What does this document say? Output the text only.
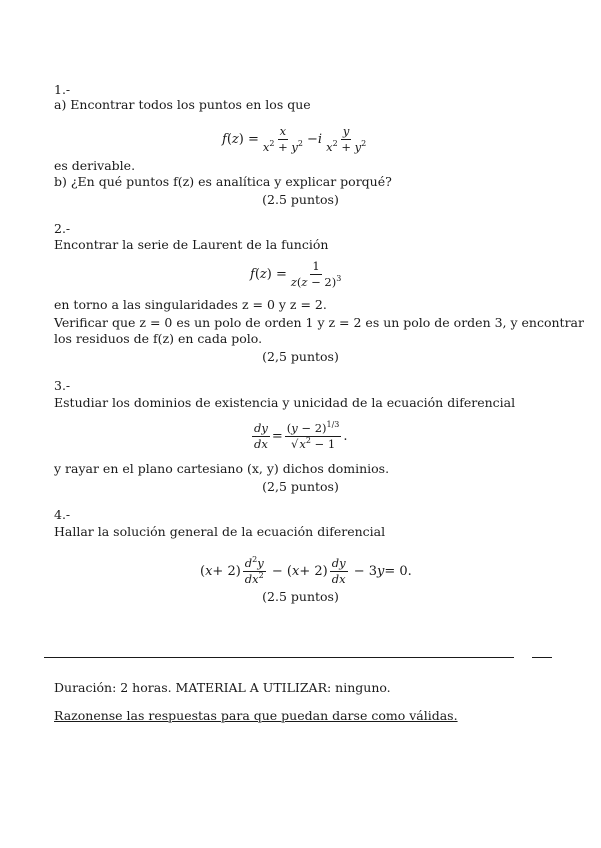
1.-
a) Encontrar todos los puntos en los que
f ( z ) = $\frac{x}{x^2 + y^2} - i \frac{y}{x^2 + y^2}$
es derivable.
b) ¿En qué puntos f(z) es analítica y explicar porqué?
(2.5 puntos)
2.-
Encontrar la serie de Laurent de la función
f ( z ) = $\frac{1}{z(z - 2)^3}$
en torno a las singularidades z = 0 y z = 2.
Verificar que z = 0 es un polo de orden 1 y z = 2 es un polo de orden 3, y encontrar
los residuos de f(z) en cada polo.
(2,5 puntos)
3.-
Estudiar los dominios de existencia y unicidad de la ecuación diferencial
$\frac{dy}{dx} = \frac{(y - 2)^{1/3}}{√x^2 - 1}$ .
y rayar en el plano cartesiano (x, y) dichos dominios.
(2,5 puntos)
4.-
Hallar la solución general de la ecuación diferencial
( $x + 2) \frac{d^2y}{dx^2}$ − ( $x + 2) \frac{dy}{dx} - 3$ y = 0.
(2.5 puntos)
Duración: 2 horas. MATERIAL A UTILIZAR: ninguno.
Razonense las respuestas para que puedan darse como válidas.
